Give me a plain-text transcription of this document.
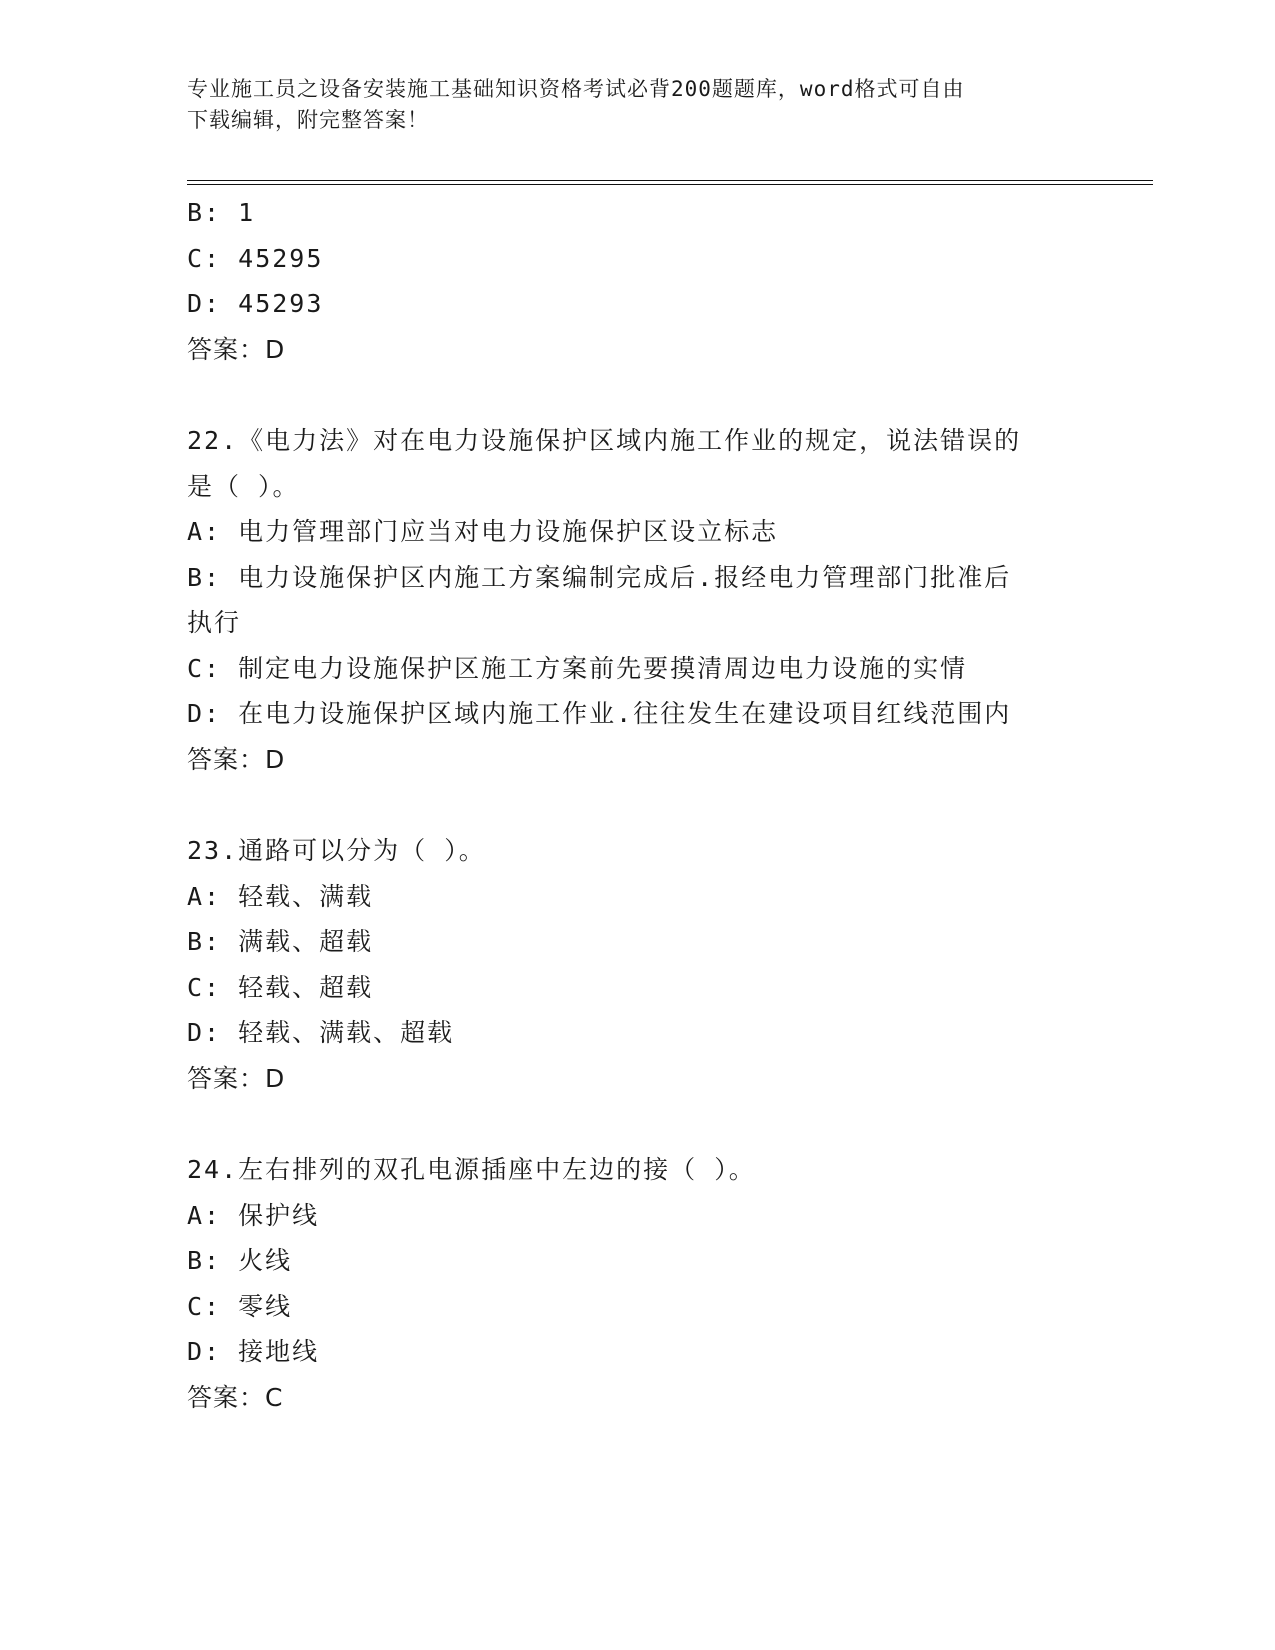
专业施工员之设备安装施工基础知识资格考试必背200题题库，word格式可自由
下载编辑，附完整答案！
B: 1
C: 45295
D: 45293
答案：D
22.《电力法》对在电力设施保护区域内施工作业的规定，说法错误的
是（ ）。
A: 电力管理部门应当对电力设施保护区设立标志
B: 电力设施保护区内施工方案编制完成后.报经电力管理部门批准后
执行
C: 制定电力设施保护区施工方案前先要摸清周边电力设施的实情
D: 在电力设施保护区域内施工作业.往往发生在建设项目红线范围内
答案：D
23.通路可以分为（ ）。
A: 轻载、满载
B: 满载、超载
C: 轻载、超载
D: 轻载、满载、超载
答案：D
24.左右排列的双孔电源插座中左边的接（ ）。
A: 保护线
B: 火线
C: 零线
D: 接地线
答案：C
